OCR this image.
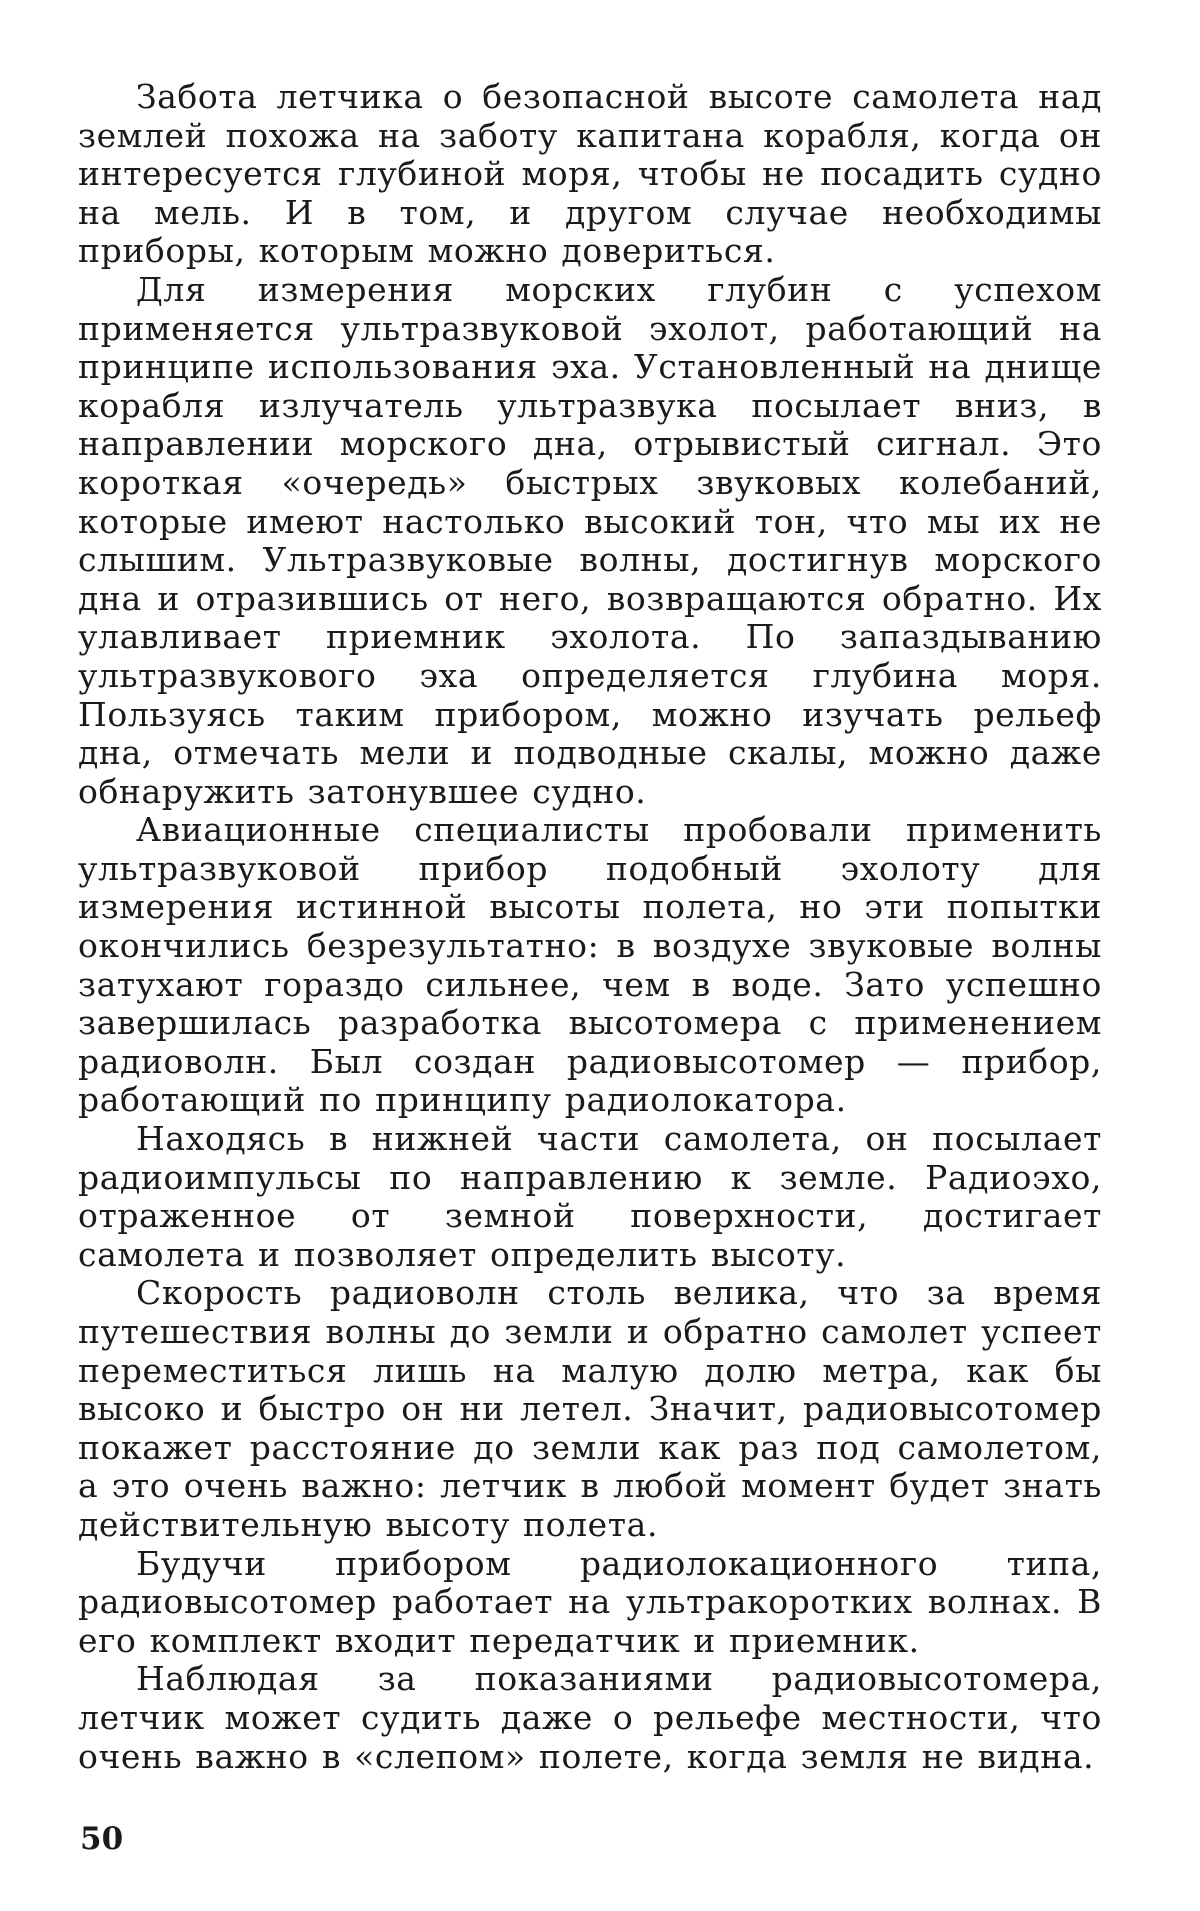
Забота летчика о безопасной высоте самолета над землей похожа на заботу капитана корабля, когда он интересуется глубиной моря, чтобы не посадить судно на мель. И в том, и другом случае необходимы приборы, которым можно довериться.

Для измерения морских глубин с успехом применяется ультразвуковой эхолот, работающий на принципе использования эха. Установленный на днище корабля излучатель ультразвука посылает вниз, в направлении морского дна, отрывистый сигнал. Это короткая «очередь» быстрых звуковых колебаний, которые имеют настолько высокий тон, что мы их не слышим. Ультразвуковые волны, достигнув морского дна и отразившись от него, возвращаются обратно. Их улавливает приемник эхолота. По запаздыванию ультразвукового эха определяется глубина моря. Пользуясь таким прибором, можно изучать рельеф дна, отмечать мели и подводные скалы, можно даже обнаружить затонувшее судно.

Авиационные специалисты пробовали применить ультразвуковой прибор подобный эхолоту для измерения истинной высоты полета, но эти попытки окончились безрезультатно: в воздухе звуковые волны затухают гораздо сильнее, чем в воде. Зато успешно завершилась разработка высотомера с применением радиоволн. Был создан радиовысотомер — прибор, работающий по принципу радиолокатора.

Находясь в нижней части самолета, он посылает радиоимпульсы по направлению к земле. Радиоэхо, отраженное от земной поверхности, достигает самолета и позволяет определить высоту.

Скорость радиоволн столь велика, что за время путешествия волны до земли и обратно самолет успеет переместиться лишь на малую долю метра, как бы высоко и быстро он ни летел. Значит, радиовысотомер покажет расстояние до земли как раз под самолетом, а это очень важно: летчик в любой момент будет знать действительную высоту полета.

Будучи прибором радиолокационного типа, радиовысотомер работает на ультракоротких волнах. В его комплект входит передатчик и приемник.

Наблюдая за показаниями радиовысотомера, летчик может судить даже о рельефе местности, что очень важно в «слепом» полете, когда земля не видна.

50
